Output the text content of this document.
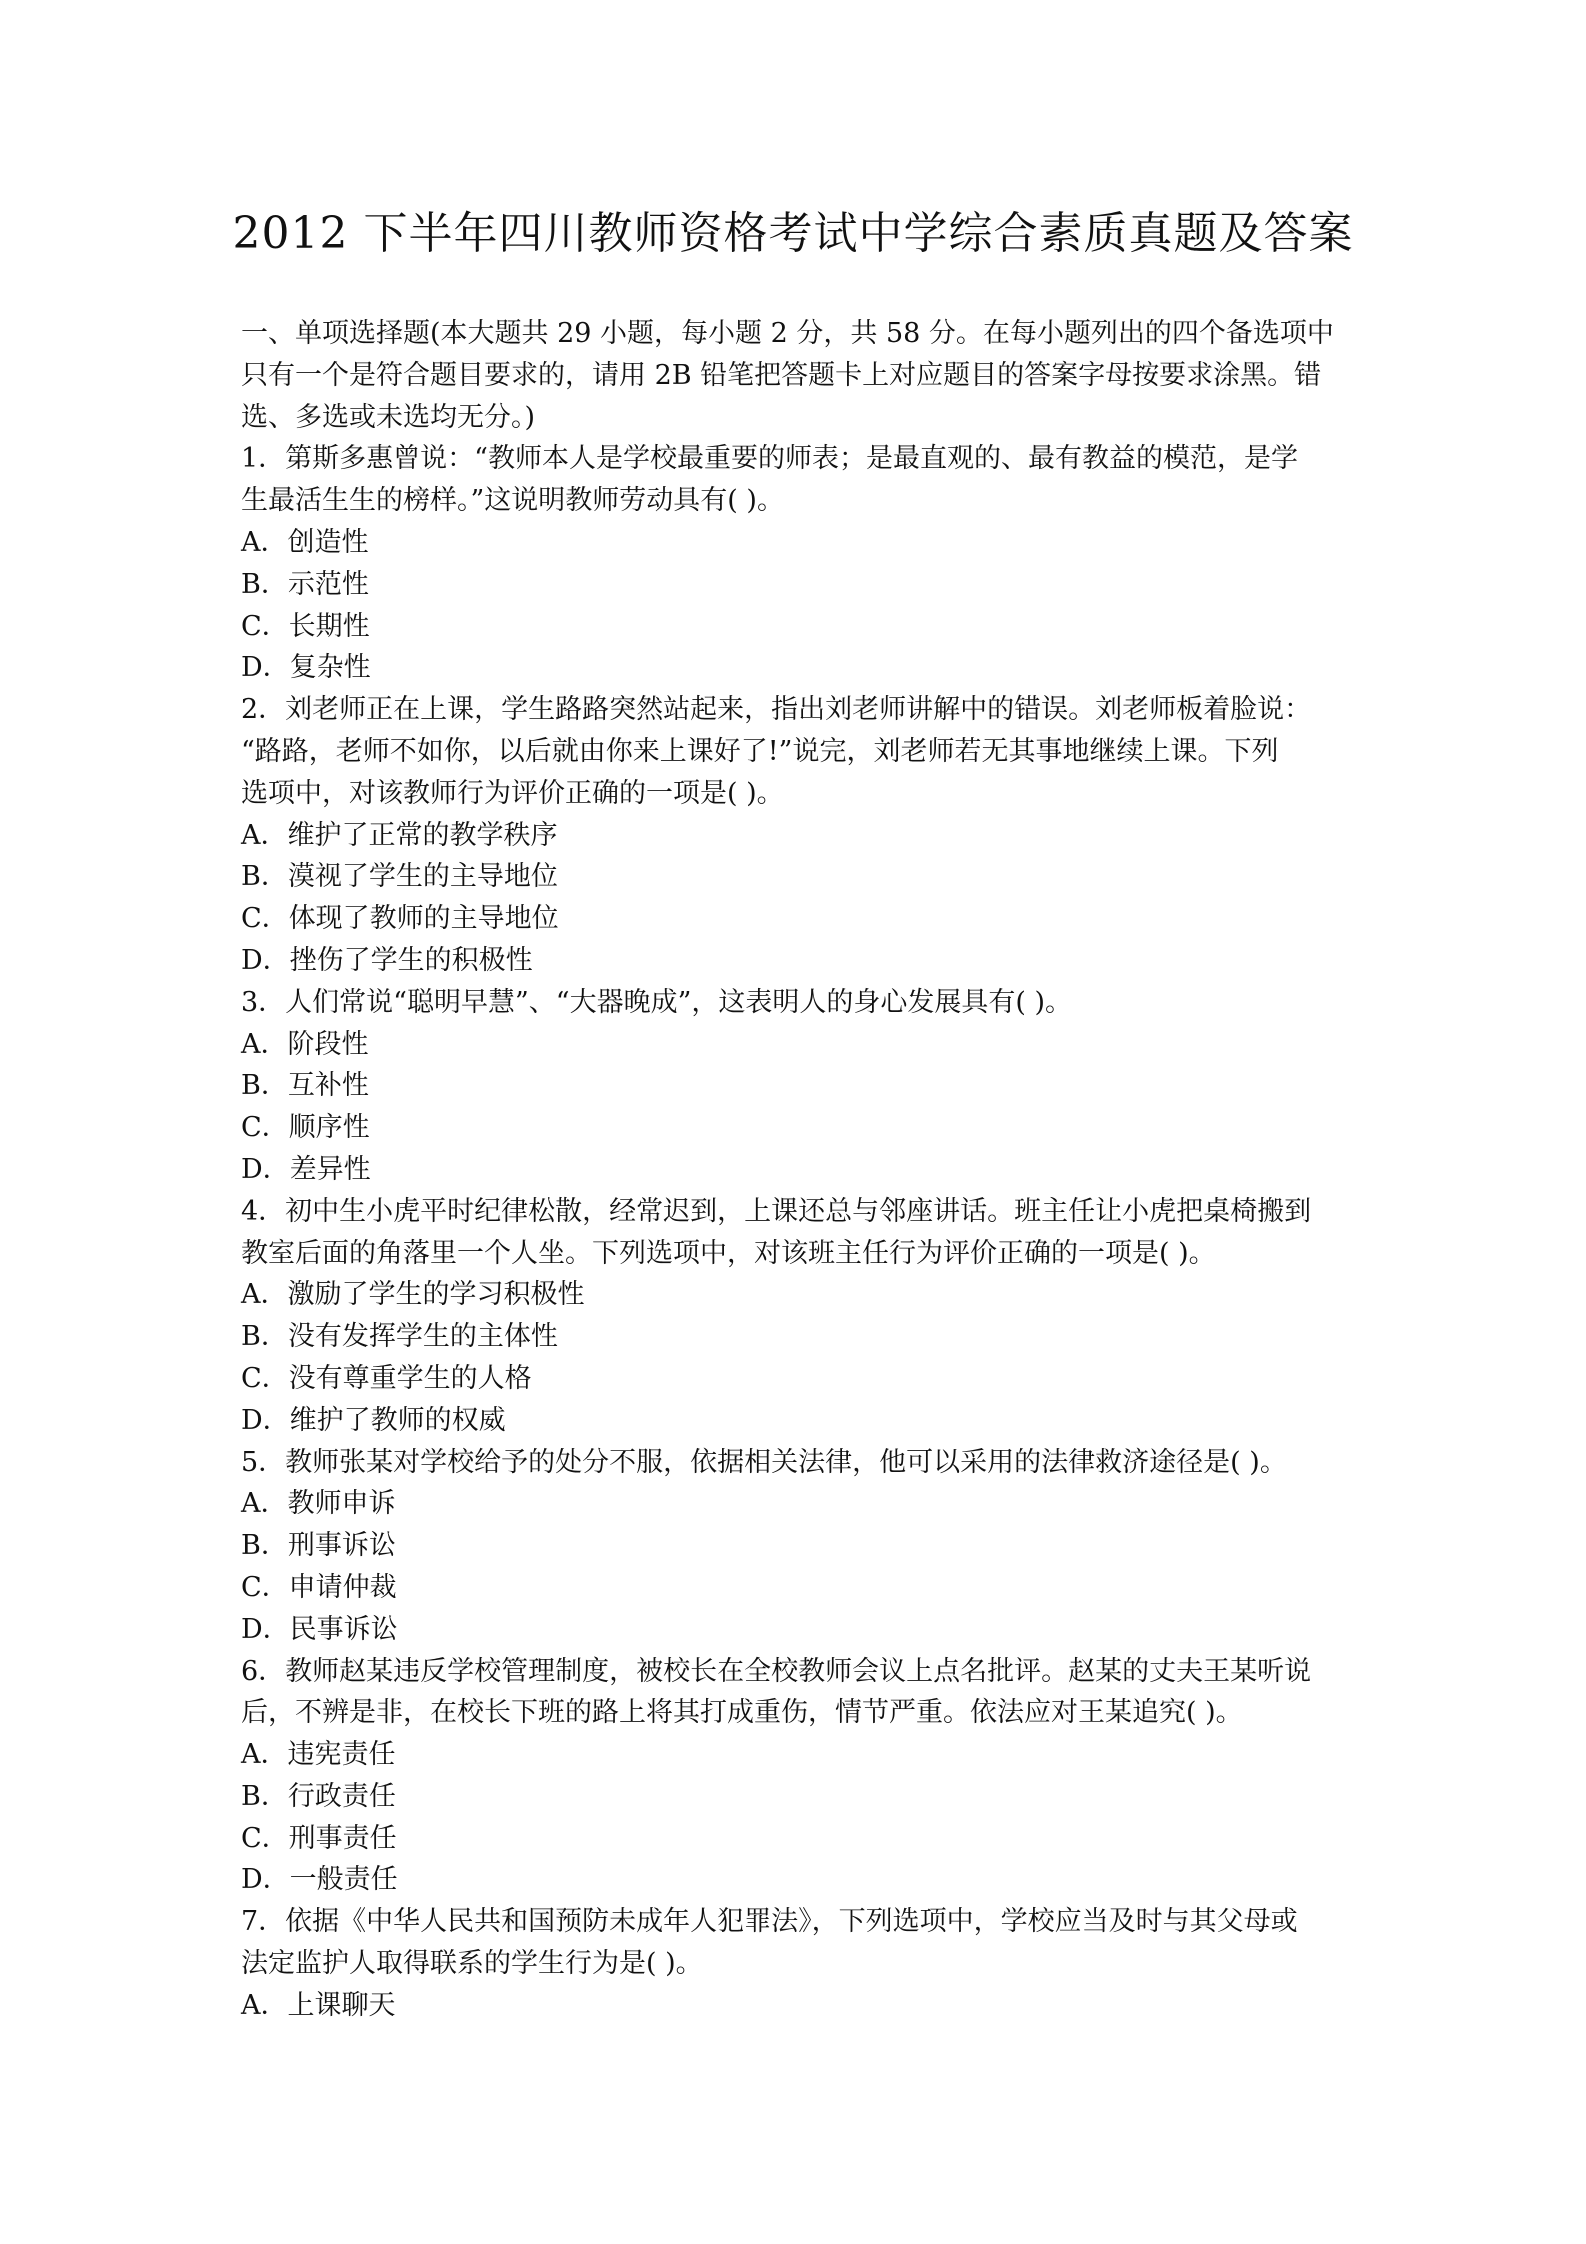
2012 下半年四川教师资格考试中学综合素质真题及答案

一、单项选择题(本大题共 29 小题，每小题 2 分，共 58 分。在每小题列出的四个备选项中

只有一个是符合题目要求的，请用 2B 铅笔把答题卡上对应题目的答案字母按要求涂黑。错

选、多选或未选均无分。)

1．第斯多惠曾说：“教师本人是学校最重要的师表；是最直观的、最有教益的模范，是学

生最活生生的榜样。”这说明教师劳动具有( )。

A．创造性

B．示范性

C．长期性

D．复杂性

2．刘老师正在上课，学生路路突然站起来，指出刘老师讲解中的错误。刘老师板着脸说：

“路路，老师不如你，以后就由你来上课好了!”说完，刘老师若无其事地继续上课。下列

选项中，对该教师行为评价正确的一项是( )。

A．维护了正常的教学秩序

B．漠视了学生的主导地位

C．体现了教师的主导地位

D．挫伤了学生的积极性

3．人们常说“聪明早慧”、“大器晚成”，这表明人的身心发展具有( )。

A．阶段性

B．互补性

C．顺序性

D．差异性

4．初中生小虎平时纪律松散，经常迟到，上课还总与邻座讲话。班主任让小虎把桌椅搬到

教室后面的角落里一个人坐。下列选项中，对该班主任行为评价正确的一项是( )。

A．激励了学生的学习积极性

B．没有发挥学生的主体性

C．没有尊重学生的人格

D．维护了教师的权威

5．教师张某对学校给予的处分不服，依据相关法律，他可以采用的法律救济途径是( )。

A．教师申诉

B．刑事诉讼

C．申请仲裁

D．民事诉讼

6．教师赵某违反学校管理制度，被校长在全校教师会议上点名批评。赵某的丈夫王某听说

后，不辨是非，在校长下班的路上将其打成重伤，情节严重。依法应对王某追究( )。

A．违宪责任

B．行政责任

C．刑事责任

D．一般责任

7．依据《中华人民共和国预防未成年人犯罪法》，下列选项中，学校应当及时与其父母或

法定监护人取得联系的学生行为是( )。

A．上课聊天
